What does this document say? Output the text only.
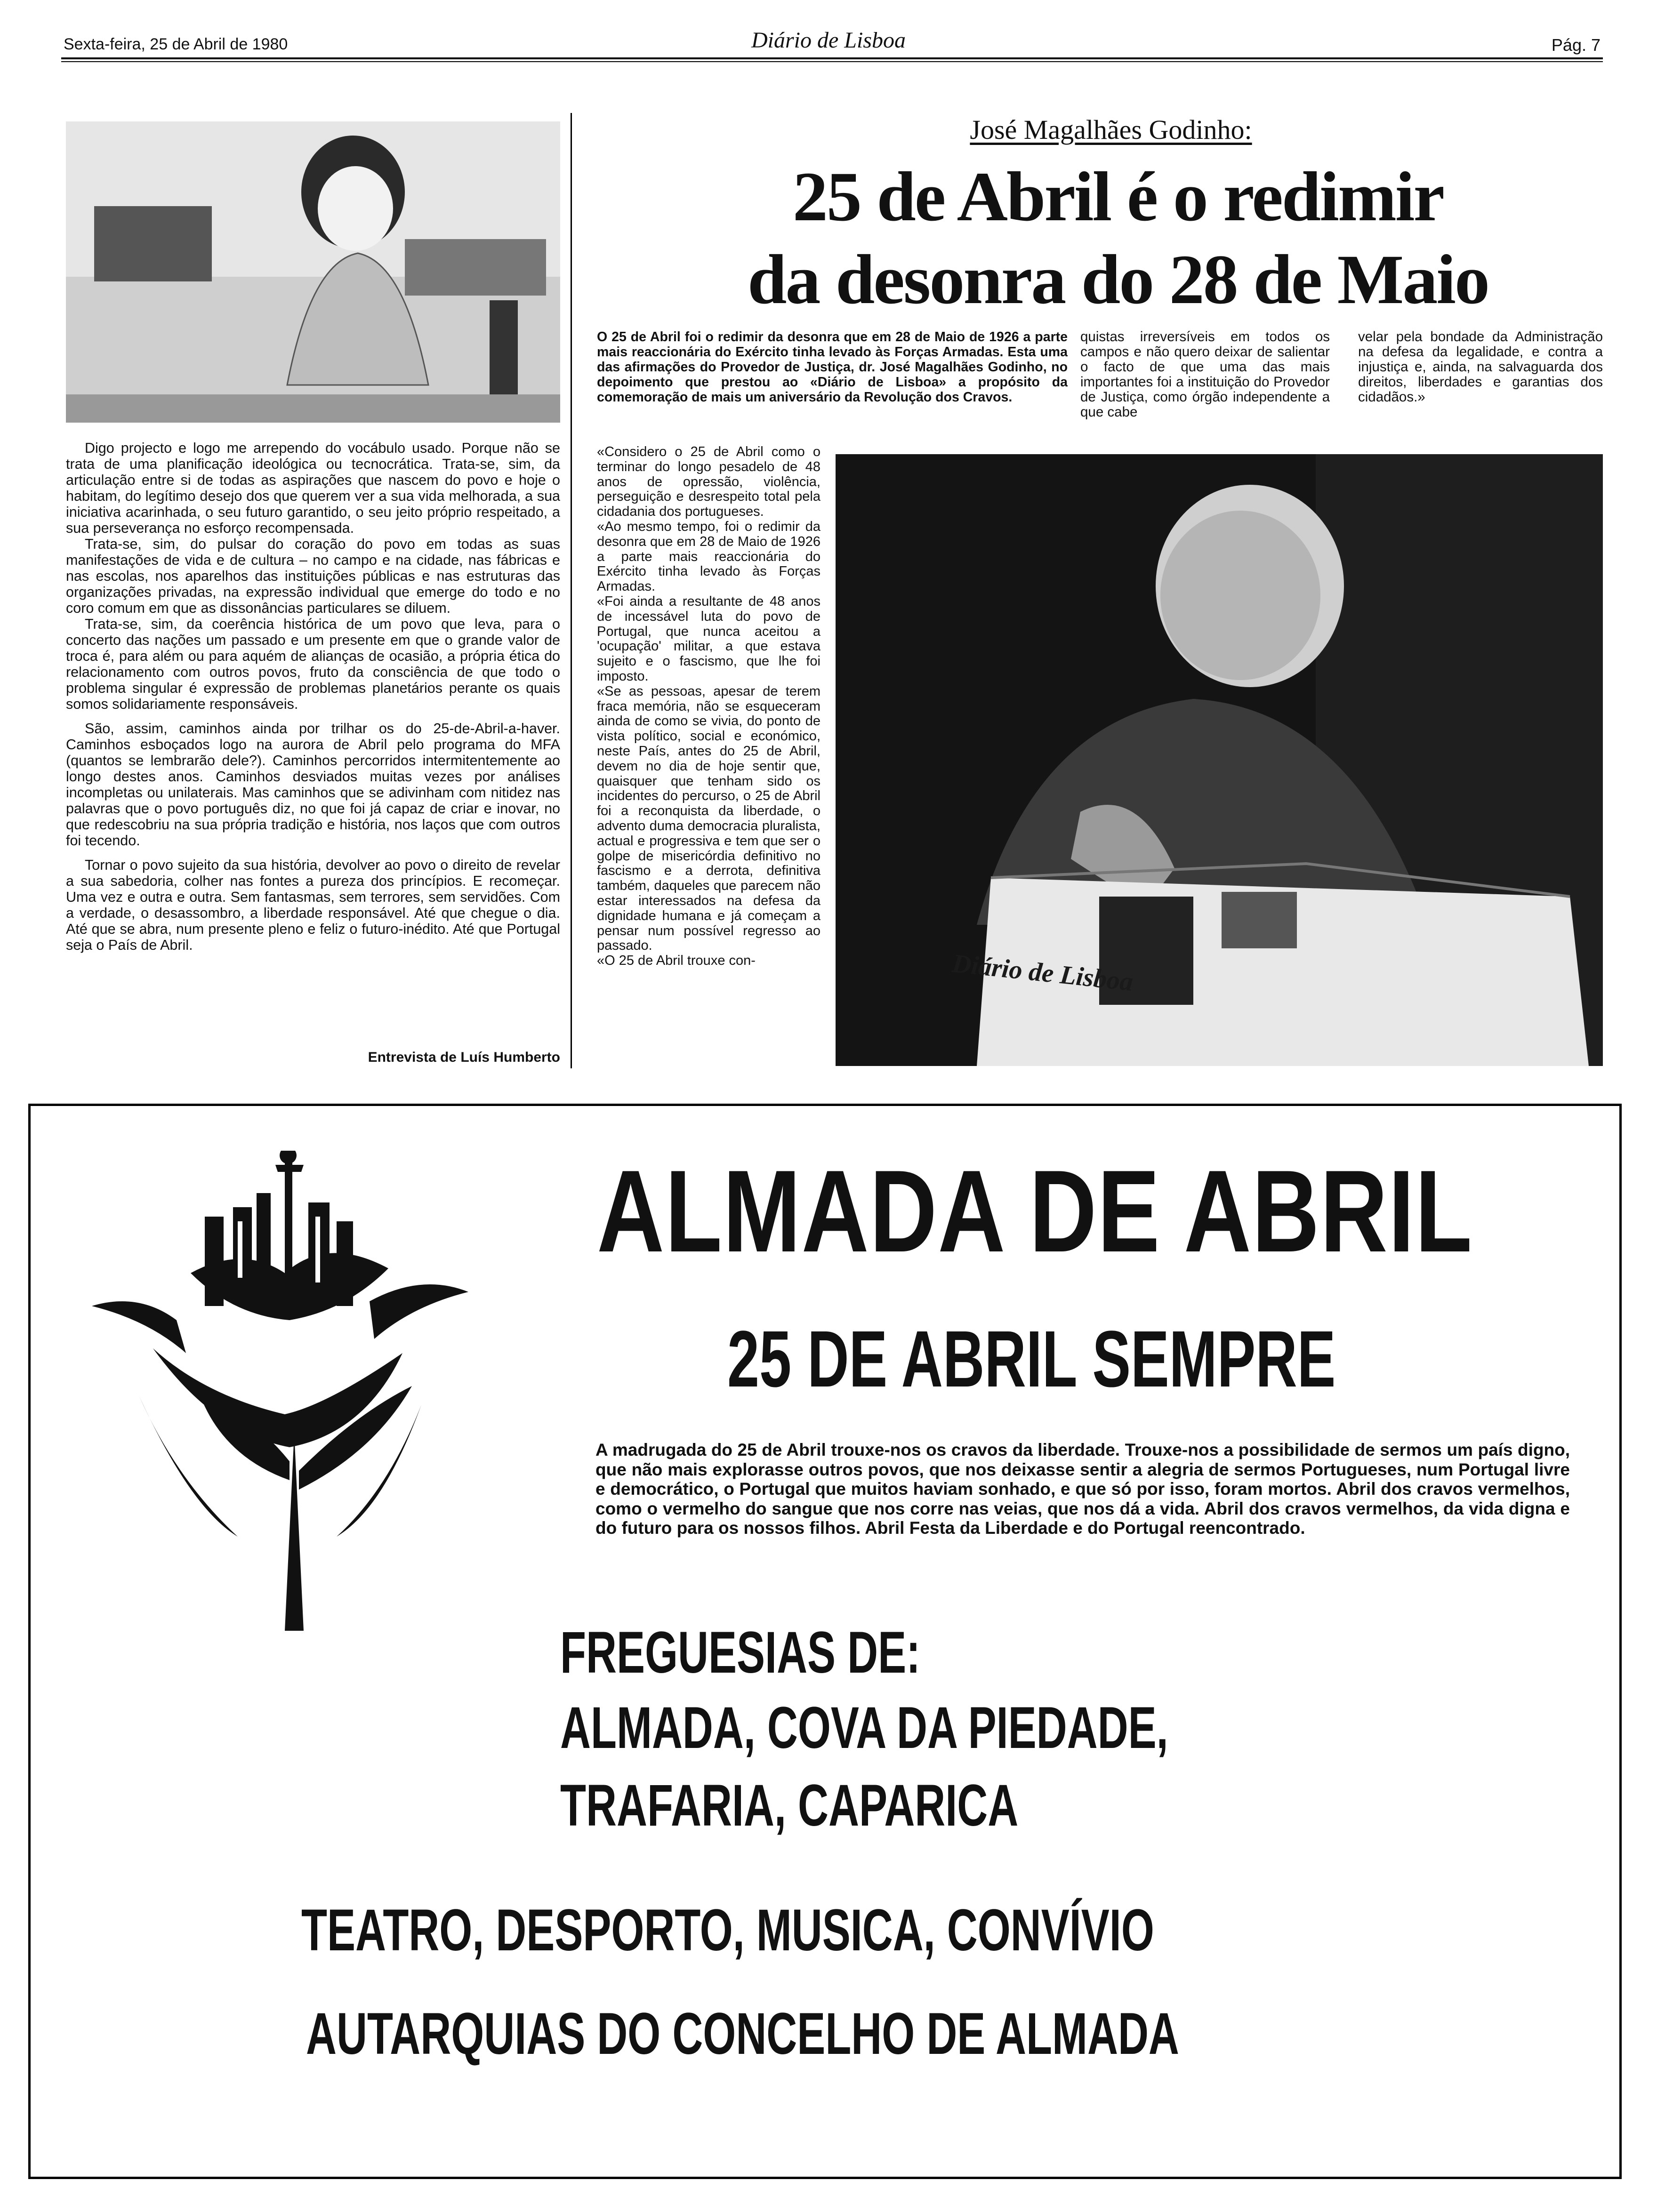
Sexta-feira, 25 de Abril de 1980	Diário de Lisboa	Pág. 7

Digo projecto e logo me arrependo do vocábulo usado. Porque não se trata de uma planificação ideológica ou tecnocrática. Trata-se, sim, da articulação entre si de todas as aspirações que nascem do povo e hoje o habitam, do legítimo desejo dos que querem ver a sua vida melhorada, a sua iniciativa acarinhada, o seu futuro garantido, o seu jeito próprio respeitado, a sua perseverança no esforço recompensada.

Trata-se, sim, do pulsar do coração do povo em todas as suas manifestações de vida e de cultura – no campo e na cidade, nas fábricas e nas escolas, nos aparelhos das instituições públicas e nas estruturas das organizações privadas, na expressão individual que emerge do todo e no coro comum em que as dissonâncias particulares se diluem.

Trata-se, sim, da coerência histórica de um povo que leva, para o concerto das nações um passado e um presente em que o grande valor de troca é, para além ou para aquém de alianças de ocasião, a própria ética do relacionamento com outros povos, fruto da consciência de que todo o problema singular é expressão de problemas planetários perante os quais somos solidariamente responsáveis.

São, assim, caminhos ainda por trilhar os do 25-de-Abril-a-haver. Caminhos esboçados logo na aurora de Abril pelo programa do MFA (quantos se lembrarão dele?). Caminhos percorridos intermitentemente ao longo destes anos. Caminhos desviados muitas vezes por análises incompletas ou unilaterais. Mas caminhos que se adivinham com nitidez nas palavras que o povo português diz, no que foi já capaz de criar e inovar, no que redescobriu na sua própria tradição e história, nos laços que com outros foi tecendo.

Tornar o povo sujeito da sua história, devolver ao povo o direito de revelar a sua sabedoria, colher nas fontes a pureza dos princípios. E recomeçar. Uma vez e outra e outra. Sem fantasmas, sem terrores, sem servidões. Com a verdade, o desassombro, a liberdade responsável. Até que chegue o dia. Até que se abra, num presente pleno e feliz o futuro-inédito. Até que Portugal seja o País de Abril.

Entrevista de Luís Humberto
José Magalhães Godinho:
25 de Abril é o redimir
da desonra do 28 de Maio
O 25 de Abril foi o redimir da desonra que em 28 de Maio de 1926 a parte mais reaccionária do Exército tinha levado às Forças Armadas. Esta uma das afirmações do Provedor de Justiça, dr. José Magalhães Godinho, no depoimento que prestou ao «Diário de Lisboa» a propósito da comemoração de mais um aniversário da Revolução dos Cravos.
quistas irreversíveis em todos os campos e não quero deixar de salientar o facto de que uma das mais importantes foi a instituição do Provedor de Justiça, como órgão independente a que cabe
velar pela bondade da Administração na defesa da legalidade, e contra a injustiça e, ainda, na salvaguarda dos direitos, liberdades e garantias dos cidadãos.»

«Considero o 25 de Abril como o terminar do longo pesadelo de 48 anos de opressão, violência, perseguição e desrespeito total pela cidadania dos portugueses.

«Ao mesmo tempo, foi o redimir da desonra que em 28 de Maio de 1926 a parte mais reaccionária do Exército tinha levado às Forças Armadas.

«Foi ainda a resultante de 48 anos de incessável luta do povo de Portugal, que nunca aceitou a 'ocupação' militar, a que estava sujeito e o fascismo, que lhe foi imposto.

«Se as pessoas, apesar de terem fraca memória, não se esqueceram ainda de como se vivia, do ponto de vista político, social e económico, neste País, antes do 25 de Abril, devem no dia de hoje sentir que, quaisquer que tenham sido os incidentes do percurso, o 25 de Abril foi a reconquista da liberdade, o advento duma democracia pluralista, actual e progressiva e tem que ser o golpe de misericórdia definitivo no fascismo e a derrota, definitiva também, daqueles que parecem não estar interessados na defesa da dignidade humana e já começam a pensar num possível regresso ao passado.

«O 25 de Abril trouxe con-	Diário de Lisboa
ALMADA DE ABRIL
25 DE ABRIL SEMPRE
A madrugada do 25 de Abril trouxe-nos os cravos da liberdade. Trouxe-nos a possibilidade de sermos um país digno, que não mais explorasse outros povos, que nos deixasse sentir a alegria de sermos Portugueses, num Portugal livre e democrático, o Portugal que muitos haviam sonhado, e que só por isso, foram mortos. Abril dos cravos vermelhos, como o vermelho do sangue que nos corre nas veias, que nos dá a vida. Abril dos cravos vermelhos, da vida digna e do futuro para os nossos filhos. Abril Festa da Liberdade e do Portugal reencontrado.
FREGUESIAS DE:
ALMADA, COVA DA PIEDADE,
TRAFARIA, CAPARICA
TEATRO, DESPORTO, MUSICA, CONVÍVIO
AUTARQUIAS DO CONCELHO DE ALMADA
